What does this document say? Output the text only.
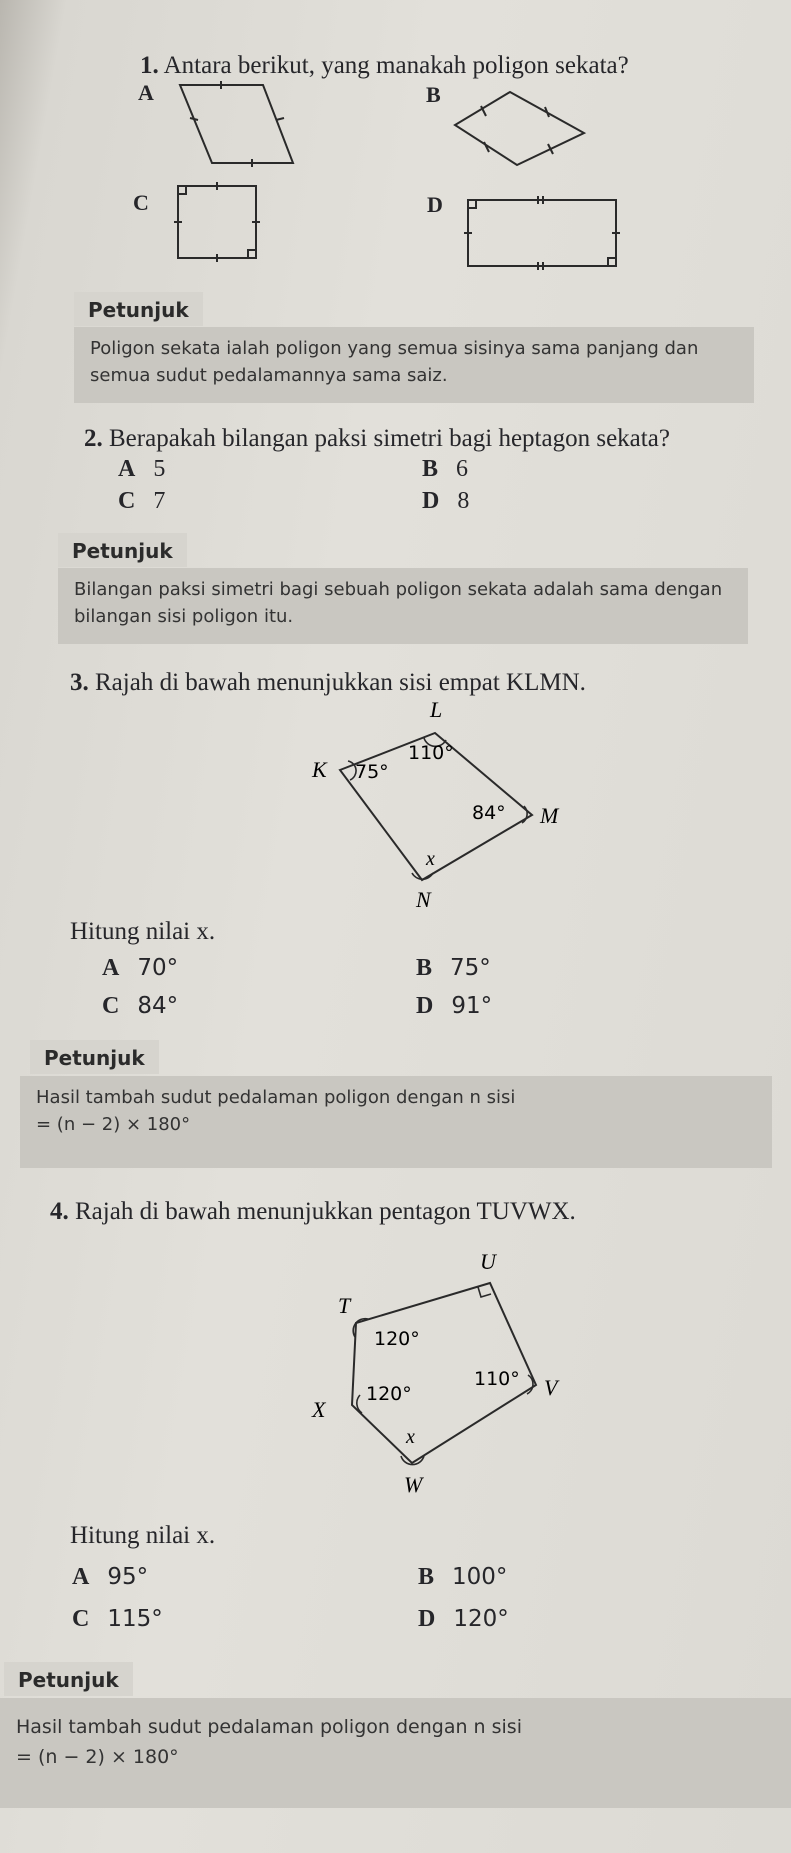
1. Antara berikut, yang manakah poligon sekata?
A	B
C	D
Petunjuk
Poligon sekata ialah poligon yang semua sisinya sama panjang dan semua sudut pedalamannya sama saiz.
2. Berapakah bilangan paksi simetri bagi heptagon sekata?
A 5	B 6
C 7	D 8
Petunjuk
Bilangan paksi simetri bagi sebuah poligon sekata adalah sama dengan bilangan sisi poligon itu.
3. Rajah di bawah menunjukkan sisi empat KLMN.
L
K
M
N
75°
110°
84°
x
Hitung nilai x.
A 70°	B 75°
C 84°	D 91°
Petunjuk
Hasil tambah sudut pedalaman poligon dengan n sisi
= (n − 2) × 180°
4. Rajah di bawah menunjukkan pentagon TUVWX.
T
U
V
W
X
120°
120°
110°
x
Hitung nilai x.
A 95°	B 100°
C 115°	D 120°
Petunjuk
Hasil tambah sudut pedalaman poligon dengan n sisi
= (n − 2) × 180°
